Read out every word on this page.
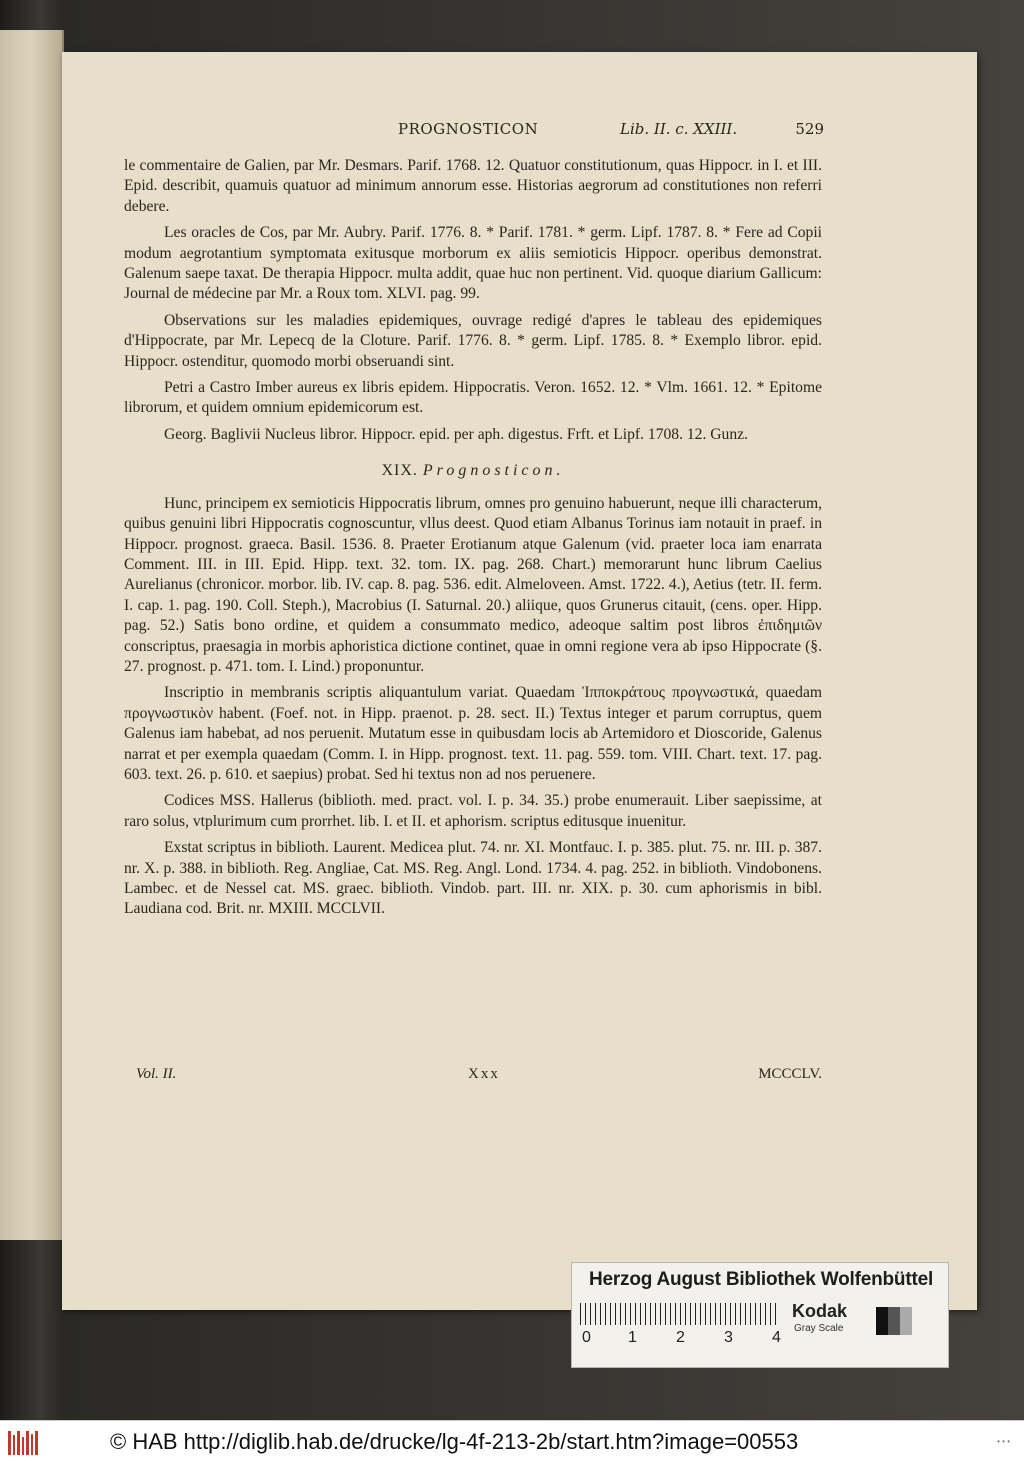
PROGNOSTICON	Lib. II. c. XXIII.	529

le commentaire de Galien, par Mr. Desmars. Parif. 1768. 12. Quatuor constitutionum, quas Hippocr. in I. et III. Epid. describit, quamuis quatuor ad minimum annorum esse. Historias aegrorum ad constitutiones non referri debere.

Les oracles de Cos, par Mr. Aubry. Parif. 1776. 8. * Parif. 1781. * germ. Lipf. 1787. 8. * Fere ad Copii modum aegrotantium symptomata exitusque morborum ex aliis semioticis Hippocr. operibus demonstrat. Galenum saepe taxat. De therapia Hippocr. multa addit, quae huc non pertinent. Vid. quoque diarium Gallicum: Journal de médecine par Mr. a Roux tom. XLVI. pag. 99.

Observations sur les maladies epidemiques, ouvrage redigé d'apres le tableau des epidemiques d'Hippocrate, par Mr. Lepecq de la Cloture. Parif. 1776. 8. * germ. Lipf. 1785. 8. * Exemplo libror. epid. Hippocr. ostenditur, quomodo morbi obseruandi sint.

Petri a Castro Imber aureus ex libris epidem. Hippocratis. Veron. 1652. 12. * Vlm. 1661. 12. * Epitome librorum, et quidem omnium epidemicorum est.

Georg. Baglivii Nucleus libror. Hippocr. epid. per aph. digestus. Frft. et Lipf. 1708. 12. Gunz.

XIX. Prognosticon.

Hunc, principem ex semioticis Hippocratis librum, omnes pro genuino habuerunt, neque illi characterum, quibus genuini libri Hippocratis cognoscuntur, vllus deest. Quod etiam Albanus Torinus iam notauit in praef. in Hippocr. prognost. graeca. Basil. 1536. 8. Praeter Erotianum atque Galenum (vid. praeter loca iam enarrata Comment. III. in III. Epid. Hipp. text. 32. tom. IX. pag. 268. Chart.) memorarunt hunc librum Caelius Aurelianus (chronicor. morbor. lib. IV. cap. 8. pag. 536. edit. Almeloveen. Amst. 1722. 4.), Aetius (tetr. II. ferm. I. cap. 1. pag. 190. Coll. Steph.), Macrobius (I. Saturnal. 20.) aliique, quos Grunerus citauit, (cens. oper. Hipp. pag. 52.) Satis bono ordine, et quidem a consummato medico, adeoque saltim post libros ἐπιδημιῶν conscriptus, praesagia in morbis aphoristica dictione continet, quae in omni regione vera ab ipso Hippocrate (§. 27. prognost. p. 471. tom. I. Lind.) proponuntur.

Inscriptio in membranis scriptis aliquantulum variat. Quaedam Ἱπποκράτους προγνωστικά, quaedam προγνωστικὸν habent. (Foef. not. in Hipp. praenot. p. 28. sect. II.) Textus integer et parum corruptus, quem Galenus iam habebat, ad nos peruenit. Mutatum esse in quibusdam locis ab Artemidoro et Dioscoride, Galenus narrat et per exempla quaedam (Comm. I. in Hipp. prognost. text. 11. pag. 559. tom. VIII. Chart. text. 17. pag. 603. text. 26. p. 610. et saepius) probat. Sed hi textus non ad nos peruenere.

Codices MSS. Hallerus (biblioth. med. pract. vol. I. p. 34. 35.) probe enumerauit. Liber saepissime, at raro solus, vtplurimum cum prorrhet. lib. I. et II. et aphorism. scriptus editusque inuenitur.

Exstat scriptus in biblioth. Laurent. Medicea plut. 74. nr. XI. Montfauc. I. p. 385. plut. 75. nr. III. p. 387. nr. X. p. 388. in biblioth. Reg. Angliae, Cat. MS. Reg. Angl. Lond. 1734. 4. pag. 252. in biblioth. Vindobonens. Lambec. et de Nessel cat. MS. graec. biblioth. Vindob. part. III. nr. XIX. p. 30. cum aphorismis in bibl. Laudiana cod. Brit. nr. MXIII. MCCLVII.

Vol. II.	Xxx	MCCCLV.
Herzog August Bibliothek Wolfenbüttel
0 1 2 3 4
Kodak
Gray Scale
© HAB http://diglib.hab.de/drucke/lg-4f-213-2b/start.htm?image=00553	• • •
